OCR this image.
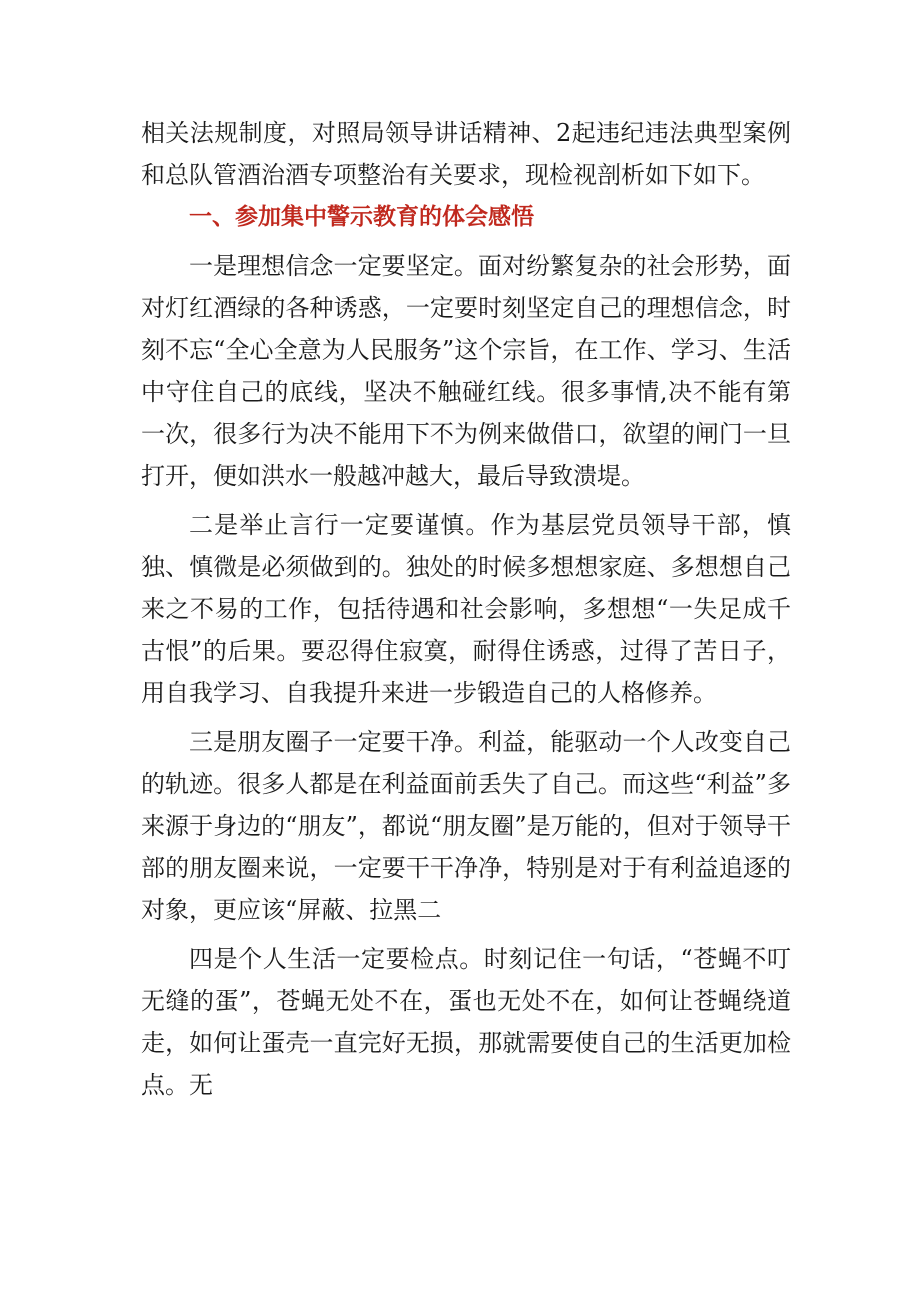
相关法规制度，对照局领导讲话精神、2起违纪违法典型案例和总队管酒治酒专项整治有关要求，现检视剖析如下如下。

一、参加集中警示教育的体会感悟

一是理想信念一定要坚定。面对纷繁复杂的社会形势，面对灯红酒绿的各种诱惑，一定要时刻坚定自己的理想信念，时刻不忘“全心全意为人民服务”这个宗旨，在工作、学习、生活中守住自己的底线，坚决不触碰红线。很多事情,决不能有第一次，很多行为决不能用下不为例来做借口，欲望的闸门一旦打开，便如洪水一般越冲越大，最后导致溃堤。

二是举止言行一定要谨慎。作为基层党员领导干部，慎独、慎微是必须做到的。独处的时候多想想家庭、多想想自己来之不易的工作，包括待遇和社会影响，多想想“一失足成千古恨”的后果。要忍得住寂寞，耐得住诱惑，过得了苦日子，用自我学习、自我提升来进一步锻造自己的人格修养。

三是朋友圈子一定要干净。利益，能驱动一个人改变自己的轨迹。很多人都是在利益面前丢失了自己。而这些“利益”多来源于身边的“朋友”，都说“朋友圈”是万能的，但对于领导干部的朋友圈来说，一定要干干净净，特别是对于有利益追逐的对象，更应该“屏蔽、拉黑二

四是个人生活一定要检点。时刻记住一句话，“苍蝇不叮无缝的蛋”，苍蝇无处不在，蛋也无处不在，如何让苍蝇绕道走，如何让蛋壳一直完好无损，那就需要使自己的生活更加检点。无
